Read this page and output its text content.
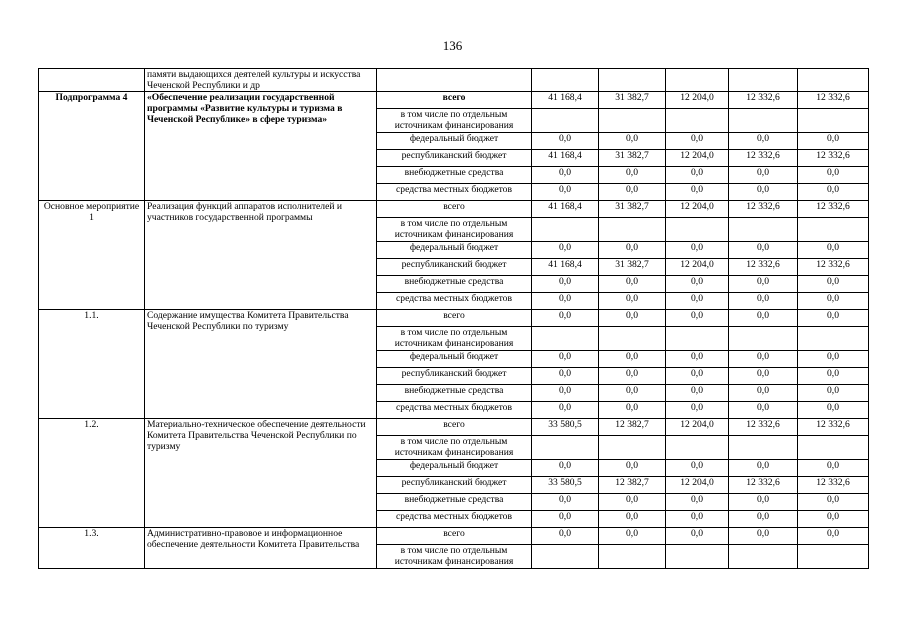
136
	памяти выдающихся деятелей культуры и искусства Чеченской Республики и др						
Подпрограмма 4	«Обеспечение реализации государственной программы «Развитие культуры и туризма в Чеченской Республике» в сфере туризма»	всего	41 168,4	31 382,7	12 204,0	12 332,6	12 332,6
		в том числе по отдельным источникам финансирования					
		федеральный бюджет	0,0	0,0	0,0	0,0	0,0
		республиканский бюджет	41 168,4	31 382,7	12 204,0	12 332,6	12 332,6
		внебюджетные средства	0,0	0,0	0,0	0,0	0,0
		средства местных бюджетов	0,0	0,0	0,0	0,0	0,0
Основное мероприятие 1	Реализация функций аппаратов исполнителей и участников государственной программы	всего	41 168,4	31 382,7	12 204,0	12 332,6	12 332,6
		в том числе по отдельным источникам финансирования					
		федеральный бюджет	0,0	0,0	0,0	0,0	0,0
		республиканский бюджет	41 168,4	31 382,7	12 204,0	12 332,6	12 332,6
		внебюджетные средства	0,0	0,0	0,0	0,0	0,0
		средства местных бюджетов	0,0	0,0	0,0	0,0	0,0
1.1.	Содержание имущества Комитета Правительства Чеченской Республики по туризму	всего	0,0	0,0	0,0	0,0	0,0
		в том числе по отдельным источникам финансирования					
		федеральный бюджет	0,0	0,0	0,0	0,0	0,0
		республиканский бюджет	0,0	0,0	0,0	0,0	0,0
		внебюджетные средства	0,0	0,0	0,0	0,0	0,0
		средства местных бюджетов	0,0	0,0	0,0	0,0	0,0
1.2.	Материально-техническое обеспечение деятельности Комитета Правительства Чеченской Республики по туризму	всего	33 580,5	12 382,7	12 204,0	12 332,6	12 332,6
		в том числе по отдельным источникам финансирования					
		федеральный бюджет	0,0	0,0	0,0	0,0	0,0
		республиканский бюджет	33 580,5	12 382,7	12 204,0	12 332,6	12 332,6
		внебюджетные средства	0,0	0,0	0,0	0,0	0,0
		средства местных бюджетов	0,0	0,0	0,0	0,0	0,0
1.3.	Административно-правовое и информационное обеспечение деятельности Комитета Правительства	всего	0,0	0,0	0,0	0,0	0,0
		в том числе по отдельным источникам финансирования					
